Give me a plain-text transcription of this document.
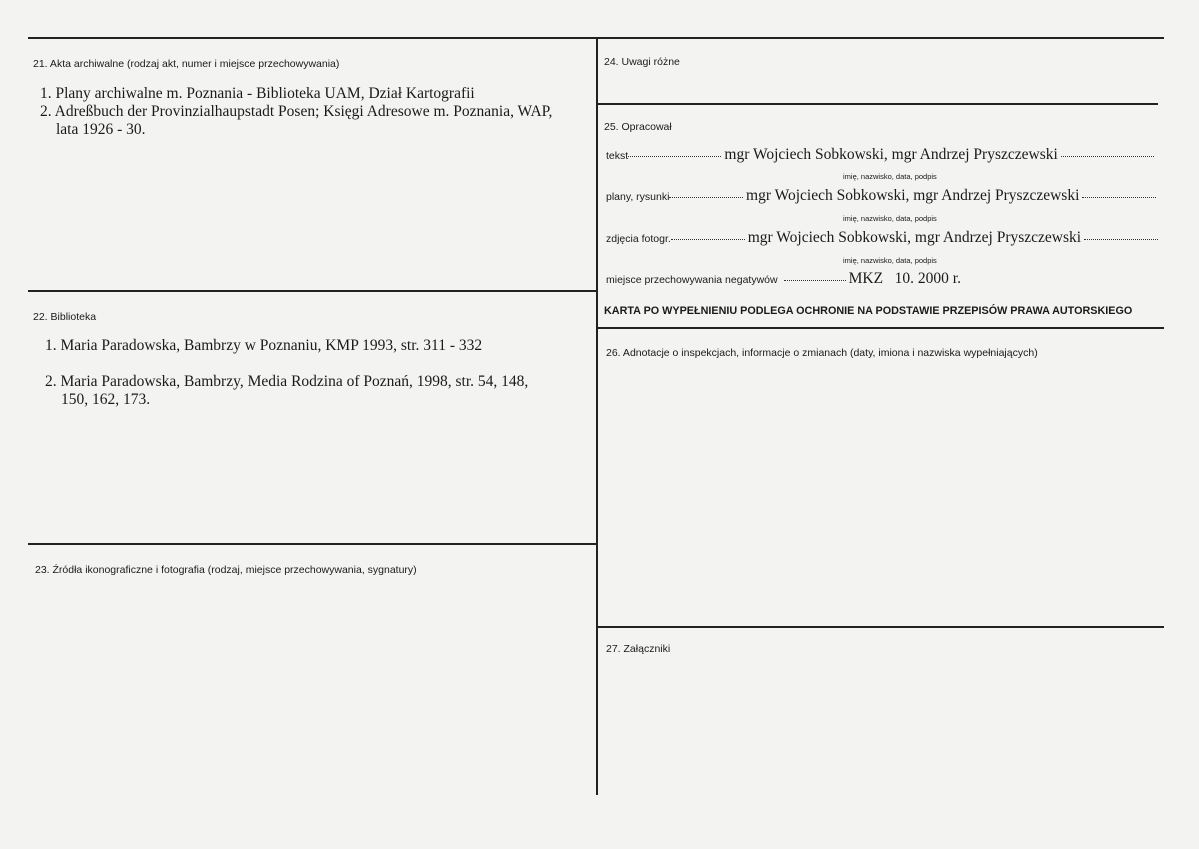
21. Akta archiwalne (rodzaj akt, numer i miejsce przechowywania)
1. Plany archiwalne m. Poznania - Biblioteka UAM, Dział Kartografii
2. Adreßbuch der Provinzialhaupstadt Posen; Księgi Adresowe m. Poznania, WAP,
lata 1926 - 30.
22. Biblioteka
1. Maria Paradowska, Bambrzy w Poznaniu, KMP 1993, str. 311 - 332
2. Maria Paradowska, Bambrzy, Media Rodzina of Poznań, 1998, str. 54, 148,
150, 162, 173.
23. Źródła ikonograficzne i fotografia (rodzaj, miejsce przechowywania, sygnatury)
24. Uwagi różne
25. Opracował
tekst	mgr Wojciech Sobkowski, mgr Andrzej Pryszczewski
imię, nazwisko, data, podpis
plany, rysunki	mgr Wojciech Sobkowski, mgr Andrzej Pryszczewski
imię, nazwisko, data, podpis
zdjęcia fotogr.	mgr Wojciech Sobkowski, mgr Andrzej Pryszczewski
imię, nazwisko, data, podpis
miejsce przechowywania negatywów	MKZ   10. 2000 r.
KARTA PO WYPEŁNIENIU PODLEGA OCHRONIE NA PODSTAWIE PRZEPISÓW PRAWA AUTORSKIEGO
26. Adnotacje o inspekcjach, informacje o zmianach (daty, imiona i nazwiska wypełniających)
27. Załączniki
